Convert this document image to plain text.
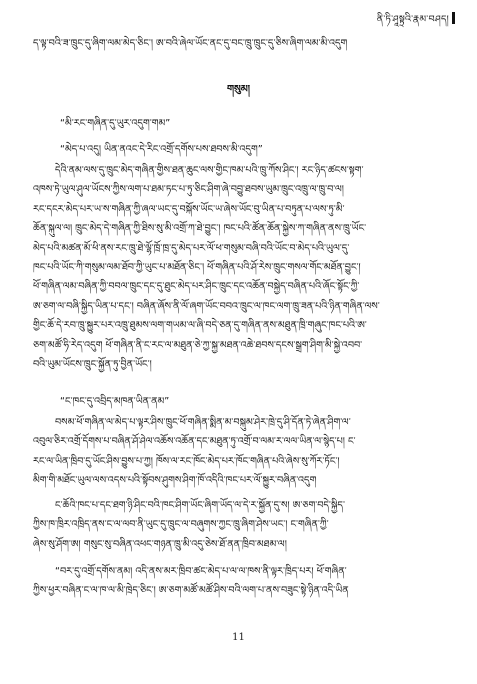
ནི་ཏི་ཤཱསྟྲའི་རྣམ་བཤད།
ད་ལྟ་བའི་ཟ་ཁྲུང་དུ་ཞིག་ལམ་མེད་ཅིང་། ཨ་བའི་ཞེལ་ཡོང་ནང་དུ་བང་ཁྲུ་ཁྲུང་དུ་ཅིས་ཞིག་ལམ་མི་འདུག
གསུམ།
“མི་རང་གཞིན་དུ་ཡུར་འདུག་གམ”
“མེད་པ་འདུ། ཡིན་ནའང་དེ་རིང་འགྲོ་དགོས་པས་ཐབས་མི་འདུག”
དེའི་ནམ་ལས་དུ་ཁྲུང་མེད་གཞིན་གྱིས་ཐན་ཆུང་ལས་གྱིང་ཁམ་པའི་ཁྲུ་ཀོས་ཤིང་། རང་ཉིད་ཚངས་སྟག་
འཁས་ཏེ་ཡུལ་ཤུལ་ཡོངས་ཀྱིས་ལག་པ་ཐམ་ཏང་པ་ཏུ་ཅིང་ཤིག་ཞེ་བབྱུ་ཐབས་ཡུམ་ཁྲུང་འཁྲུ་ལ་ཁྲུ་བ་ལ།
རང་དངར་མེད་པར་ཡ་ས་གཞིན་ཀྱི་ཞལ་ཡང་དུ་བསྐོས་ཡོང་ཡ་ཞེས་ཡོང་བུ་ཡིན་པ་བཏུན་པ་ལས་ཏུ་མི་
ཆོན་སྐུལ་ལ། ཁྲུང་མེད་དེ་གཞིན་ཀྱི་ཐིས་སུ་མི་འགྲོ་ཀ་ཐེ་བྱུང་། ཁང་པའི་ཚོན་ཆོན་སྐྱེས་ཀ་གཞིན་ནས་ཁྲུ་ཡོང་
མེད་པའི་མཚན་མོ་ཕི་ནས་རང་ཁྲུ་ཐེ་ལྷོ་ཁྲོ་ཁྲ་དུ་མེད་པར་ལོ་ཕ་གསུམ་བཞི་བའི་ཡོང་བ་མེད་པའི་ཡུལ་དུ་
ཁང་པའི་ཡོང་ཀི་གསུམ་ལམ་ཐོབ་ཀྱི་ཡུང་པ་མཐོན་ཅིང་། ཕོ་གཞིན་པའི་ཤོ་རེས་ཁྲུང་གསལ་གོང་མཐོན་བྱུང་།
ཕོ་གཞིན་ལམ་བཞིན་ཀྱི་བབལ་ཁྲུང་དང་དུ་ཐུང་མེད་པར་ཤིང་ཁྲུང་དང་འཆོན་བསྐྱེད་བཞིན་པའི་ཞོང་སྟོང་ཀྱི་
ཨ་ཅག་ལ་བཞི་སྐྱིད་ཡིན་པ་དང་། བཞིན་ཞོས་ནི་ལོ་ཞག་ཡོང་བབའ་ཁྲུང་ལ་ཁང་ལག་ཁྲུ་ཟན་པའི་ཉིན་གཞིན་ལས་
གྱིང་ཆོ་དེ་རབ་ཁྲུ་སྐྱུར་པར་འཁྲུ་ཐུམས་ལག་གཡམ་ལ་ཞི་བདེ་ཅན་དུ་གཞིན་ནས་མཐུན་ཁྲི་གཞུང་ཁང་པའི་ཨ་
ཅག་མཚོ་ཧི་རེད་འདུག ཕོ་གཞིན་ནི་ང་རང་ལ་མཐུན་ཅེ་ཀྱ་སྐྱ་མཐན་འཆེ་ཐབས་དངས་སྒྲག་ཤིག་མི་སྐྱེ་འབབ་
བའི་ཡུམ་ཡོངས་ཁྲུང་སྐྱོན་ཏུ་བྱིན་ཡོང་།
“ང་ཁང་དུ་འབྲིད་མཁན་ཡིན་ནམ”
བསམ་ཕོ་གཞིན་ལ་མེད་པ་ལྟར་ཤིས་ཁྲུང་ཕོ་གཞིན་སྨིན་མ་བསྐུམ་ཤེར་ཁྲེ་དུ་ཤི་དོན་ཏེ་ཞེན་ཤིག་ལ་
འབུལ་ཅིར་འགྲོ་དོགས་པ་བཞིན་ཤོ་ཤེལ་འཆོས་འཆོན་དང་མཐུན་ཏུ་འགྲོ་བ་ལམ་ར་ལལ་ཡིན་ལ་སྙེད་པ། ང་
རང་ལ་ཡིན་ཁྲིབ་དུ་ཡོང་ཤིས་བྱུས་པ་ཀྱ། ཁོས་ལ་རང་ཁོང་མེད་པར་ཁོང་གཞིན་པའི་ཞེས་སུ་ཀོར་ཏོང་།
མིག་གི་མཐོང་ཡུལ་ལས་འདས་པའི་སྟོབས་ཤུགས་ཤིག་ཁོ་འདིའི་ཁང་པར་ལོ་སྐྱུར་བཞིན་འདུག
ང་ཆོའི་ཁང་པ་དང་ཐག་ཉི་ཤིང་བའི་ཁང་ཤིག་ཡོང་ཞིག་ཡོད་ལ་དེ་ར་སྐྱོན་དུ་ས། ཨ་ཅག་བདེ་སྐྱིད་
ཀྱིས་ཁ་ཁྲིར་འཁྲིད་ནས་ང་ལ་ལབ་ནི་ཡུང་དུ་ཁྲུང་ལ་བཞུགས་ཀྱང་ཁྲུ་ཞིག་ཤེས་ཡང་། ང་གཞིན་ཀྱི་
ཞེས་སུ་ཤོག་ཨ། གསུང་སུ་བཞིན་འཕང་གཉན་ཁྲུ་མི་འདུ་ཅེས་ཐོ་ནན་ཁྲིབ་མཐམ་ལ།
“བར་དུ་འགྲོ་དགོས་ནམ། འདི་ནས་མར་ཁྲིབ་ཚང་མེད་པ་ལ་ལ་ཁས་ནི་ལྟར་ཁྲིད་པར། ཕོ་གཞིན་
ཀྱིས་ཕྱར་བཞིན་ང་ལ་ཁ་ལ་མི་ཁྲེད་ཅིང་། ཨ་ཅག་མཚོ་མཚོ་ཤིས་བའི་ལག་པ་ནས་བཟུང་སྟེ་ཉིན་འདི་ཡིན
11
